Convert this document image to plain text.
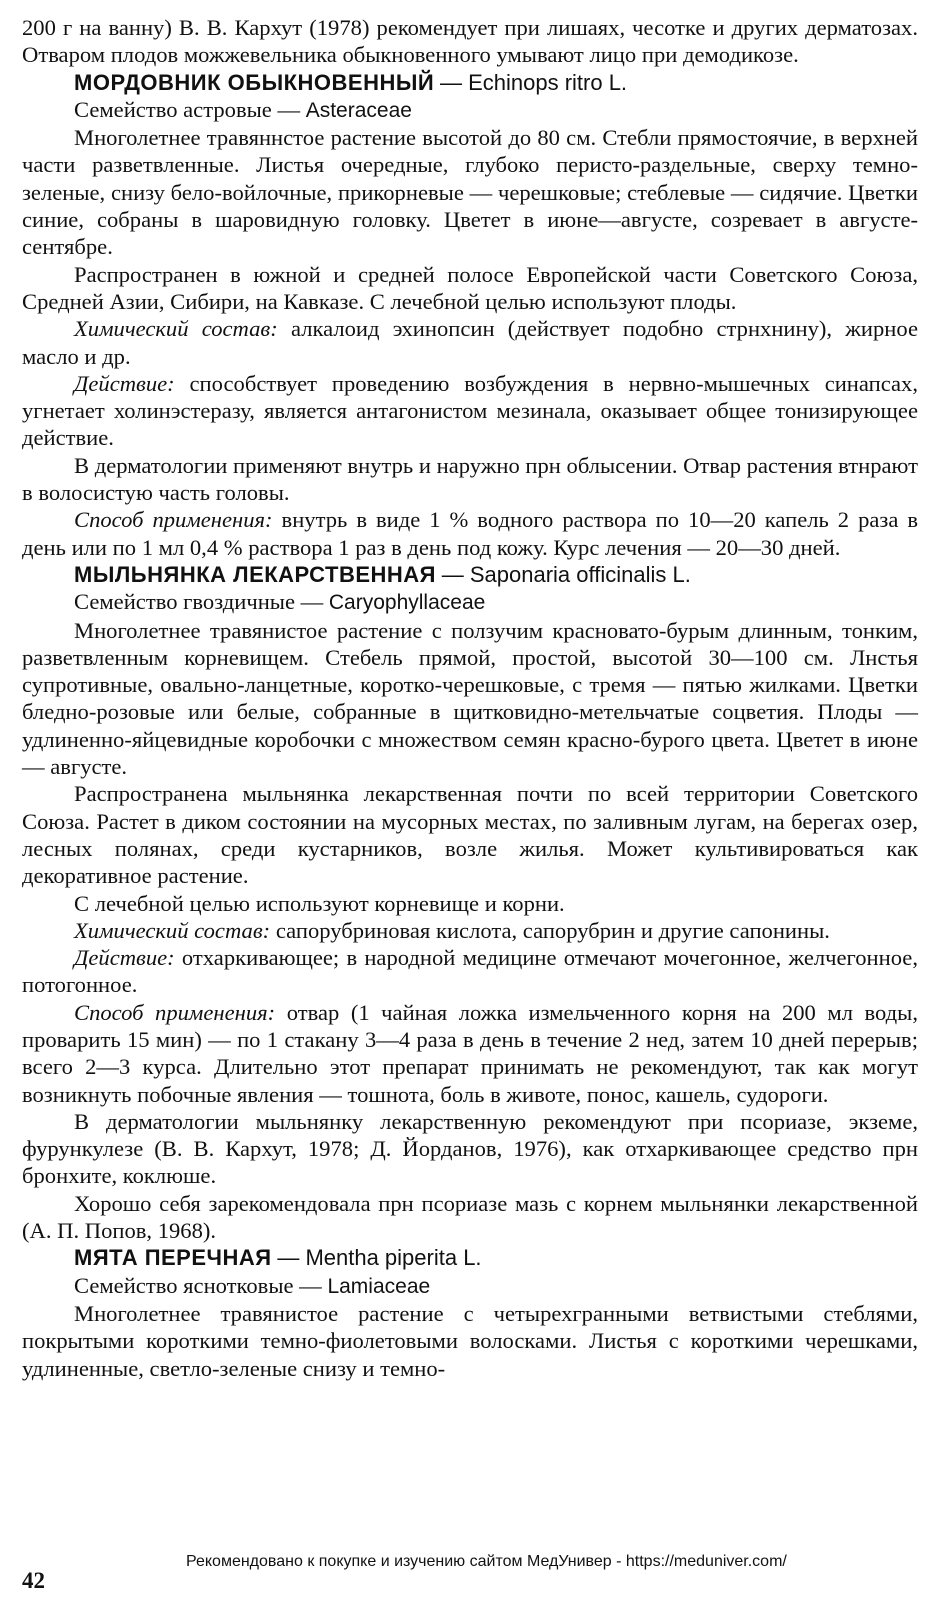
200 г на ванну) В. В. Кархут (1978) рекомендует при лишаях, чесотке и других дерматозах. Отваром плодов можжевельника обыкновенного умывают лицо при демодикозе.

МОРДОВНИК ОБЫКНОВЕННЫЙ — Echinops ritro L.

Семейство астровые — Asteraceae

Многолетнее травяннстое растение высотой до 80 см. Стебли прямостоячие, в верхней части разветвленные. Листья очередные, глубоко перисто-раздельные, сверху темно-зеленые, снизу бело-войлочные, прикорневые — черешковые; стеблевые — сидячие. Цветки синие, собраны в шаровидную головку. Цветет в июне—августе, созревает в августе-сентябре.

Распространен в южной и средней полосе Европейской части Советского Союза, Средней Азии, Сибири, на Кавказе. С лечебной целью используют плоды.

Химический состав: алкалоид эхинопсин (действует подобно стрнхнину), жирное масло и др.

Действие: способствует проведению возбуждения в нервно-мышечных синапсах, угнетает холинэстеразу, является антагонистом мезинала, оказывает общее тонизирующее действие.

В дерматологии применяют внутрь и наружно прн облысении. Отвар растения втнрают в волосистую часть головы.

Способ применения: внутрь в виде 1 % водного раствора по 10—20 капель 2 раза в день или по 1 мл 0,4 % раствора 1 раз в день под кожу. Курс лечения — 20—30 дней.

МЫЛЬНЯНКА ЛЕКАРСТВЕННАЯ — Saponaria officinalis L.

Семейство гвоздичные — Caryophyllaceae

Многолетнее травянистое растение с ползучим красновато-бурым длинным, тонким, разветвленным корневищем. Стебель прямой, простой, высотой 30—100 см. Лнстья супротивные, овально-ланцетные, коротко-черешковые, с тремя — пятью жилками. Цветки бледно-розовые или белые, собранные в щитковидно-метельчатые соцветия. Плоды — удлиненно-яйцевидные коробочки с множеством семян красно-бурого цвета. Цветет в июне — августе.

Распространена мыльнянка лекарственная почти по всей территории Советского Союза. Растет в диком состоянии на мусорных местах, по заливным лугам, на берегах озер, лесных полянах, среди кустарников, возле жилья. Может культивироваться как декоративное растение.

С лечебной целью используют корневище и корни.

Химический состав: сапорубриновая кислота, сапорубрин и другие сапонины.

Действие: отхаркивающее; в народной медицине отмечают мочегонное, желчегонное, потогонное.

Способ применения: отвар (1 чайная ложка измельченного корня на 200 мл воды, проварить 15 мин) — по 1 стакану 3—4 раза в день в течение 2 нед, затем 10 дней перерыв; всего 2—3 курса. Длительно этот препарат принимать не рекомендуют, так как могут возникнуть побочные явления — тошнота, боль в животе, понос, кашель, судороги.

В дерматологии мыльнянку лекарственную рекомендуют при псориазе, экземе, фурункулезе (В. В. Кархут, 1978; Д. Йорданов, 1976), как отхаркивающее средство прн бронхите, коклюше.

Хорошо себя зарекомендовала прн псориазе мазь с корнем мыльнянки лекарственной (А. П. Попов, 1968).

МЯТА ПЕРЕЧНАЯ — Mentha piperita L.

Семейство яснотковые — Lamiaceae

Многолетнее травянистое растение с четырехгранными ветвистыми стеблями, покрытыми короткими темно-фиолетовыми волосками. Листья с короткими черешками, удлиненные, светло-зеленые снизу и темно-

Рекомендовано к покупке и изучению сайтом МедУнивер - https://meduniver.com/
42
